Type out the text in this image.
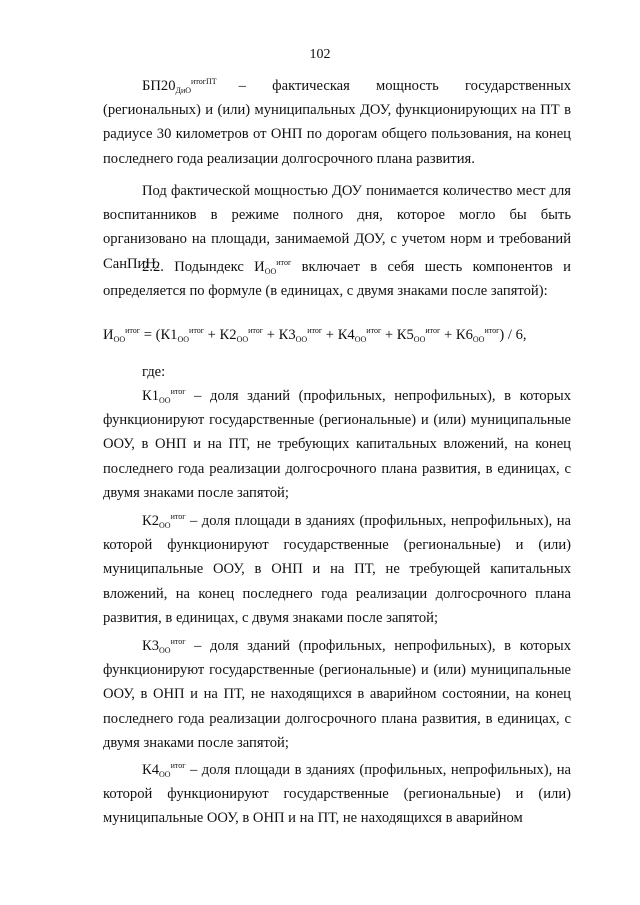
102
$БП20_{ДиО}^{итогПТ}$ – фактическая мощность государственных
(региональных) и (или) муниципальных ДОУ, функционирующих на ПТ в радиусе 30 километров от ОНП по дорогам общего пользования, на конец последнего года реализации долгосрочного плана развития.
Под фактической мощностью ДОУ понимается количество мест для воспитанников в режиме полного дня, которое могло бы быть организовано на площади, занимаемой ДОУ, с учетом норм и требований СанПиН.
2.2. Подындекс $И_{ОО}^{итог}$ включает в себя шесть компонентов и определяется по формуле (в единицах, с двумя знаками после запятой):
$И_{ОО}^{итог} = (К1_{ОО}^{итог} + К2_{ОО}^{итог} + К3_{ОО}^{итог} + К4_{ОО}^{итог} + К5_{ОО}^{итог} + К6_{ОО}^{итог}) / 6$,
где:
$К1_{ОО}^{итог}$ – доля зданий (профильных, непрофильных), в которых функционируют государственные (региональные) и (или) муниципальные ООУ, в ОНП и на ПТ, не требующих капитальных вложений, на конец последнего года реализации долгосрочного плана развития, в единицах, с двумя знаками после запятой;
$К2_{ОО}^{итог}$ – доля площади в зданиях (профильных, непрофильных), на которой функционируют государственные (региональные) и (или) муниципальные ООУ, в ОНП и на ПТ, не требующей капитальных вложений, на конец последнего года реализации долгосрочного плана развития, в единицах, с двумя знаками после запятой;
$К3_{ОО}^{итог}$ – доля зданий (профильных, непрофильных), в которых функционируют государственные (региональные) и (или) муниципальные ООУ, в ОНП и на ПТ, не находящихся в аварийном состоянии, на конец последнего года реализации долгосрочного плана развития, в единицах, с двумя знаками после запятой;
$К4_{ОО}^{итог}$ – доля площади в зданиях (профильных, непрофильных), на которой функционируют государственные (региональные) и (или) муниципальные ООУ, в ОНП и на ПТ, не находящихся в аварийном
